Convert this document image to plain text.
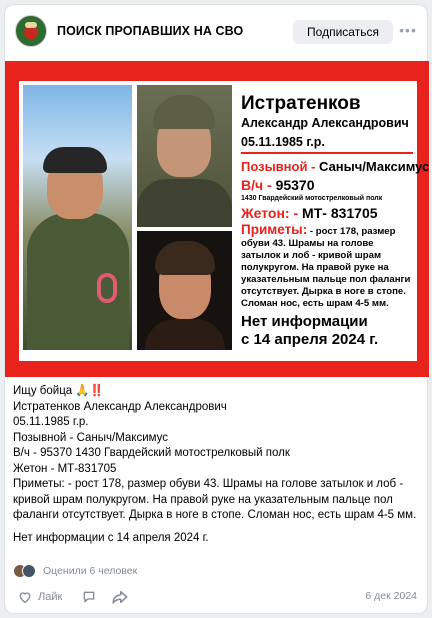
ПОИСК ПРОПАВШИХ НА СВО	Подписаться	•••
Истратенков
Александр Александрович
05.11.1985 г.р.
Позывной - Саныч/Максимус
В/ч - 95370
1430 Гвардейский мотострелковый полк
Жетон: - МТ- 831705
Приметы: - рост 178, размер обуви 43. Шрамы на голове затылок и лоб - кривой шрам полукругом. На правой руке на указательным пальце пол фаланги отсутствует. Дырка в ноге в стопе. Сломан нос, есть шрам 4-5 мм.
Нет информации
с 14 апреля 2024 г.
Ищу бойца 🙏‼️
Истратенков Александр Александрович
05.11.1985 г.р.
Позывной - Саныч/Максимус
В/ч - 95370 1430 Гвардейский мотострелковый полк
Жетон - МТ-831705
Приметы: - рост 178, размер обуви 43. Шрамы на голове затылок и лоб - кривой шрам полукругом. На правой руке на указательным пальце пол фаланги отсутствует. Дырка в ноге в стопе. Сломан нос, есть шрам 4-5 мм.
Нет информации с 14 апреля 2024 г.
Оценили 6 человек
Лайк	6 дек 2024
